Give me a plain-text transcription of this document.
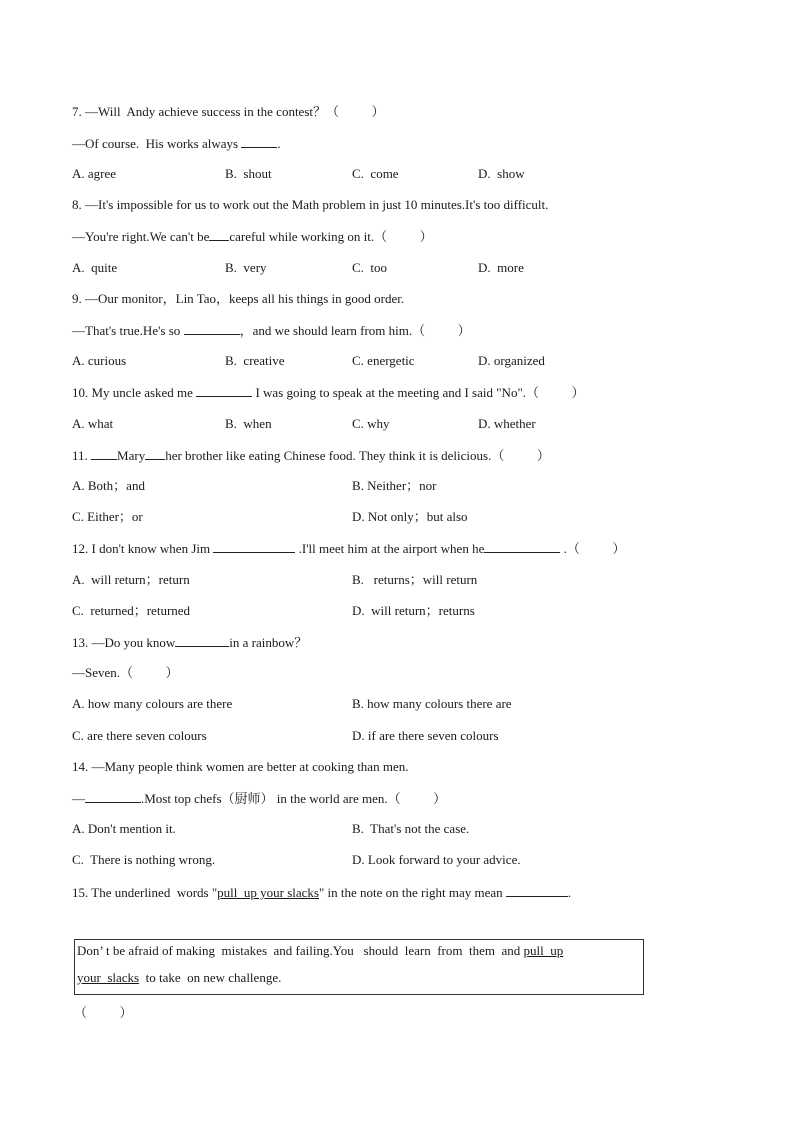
7. —Will  Andy achieve success in the contest？（          ）
—Of course.  His works always	.
A. agree	B.  shout	C.  come	D.  show
8. —It's impossible for us to work out the Math problem in just 10 minutes.It's too difficult.
—You're right.We can't be careful while working on it.（          ）
A.  quite	B.  very	C.  too	D.  more
9. —Our monitor，Lin Tao，keeps all his things in good order.
—That's true.He's so	，and we should learn from him.（          ）
A. curious	B.  creative	C. energetic	D. organized
10. My uncle asked me	I was going to speak at the meeting and I said "No".（          ）
A. what	B.  when	C. why	D. whether
11. Mary her brother like eating Chinese food. They think it is delicious.（          ）
A. Both；and	B. Neither；nor
C. Either；or	D. Not only；but also
12. I don't know when Jim	.I'll meet him at the airport when he	.（          ）
A.  will return；return	B.   returns；will return
C.  returned；returned	D.  will return；returns
13. —Do you know	in a rainbow？
—Seven.（          ）
A. how many colours are there	B. how many colours there are
C. are there seven colours	D. if are there seven colours
14. —Many people think women are better at cooking than men.
—	.Most top chefs（厨师） in the world are men.（          ）
A. Don't mention it.	B.  That's not the case.
C.  There is nothing wrong.	D. Look forward to your advice.
15. The underlined  words "pull  up your slacks" in the note on the right may mean	.
Don’ t be afraid of making  mistakes  and failing.You   should  learn  from  them  and pull  up
your  slacks  to take  on new challenge.
（          ）
